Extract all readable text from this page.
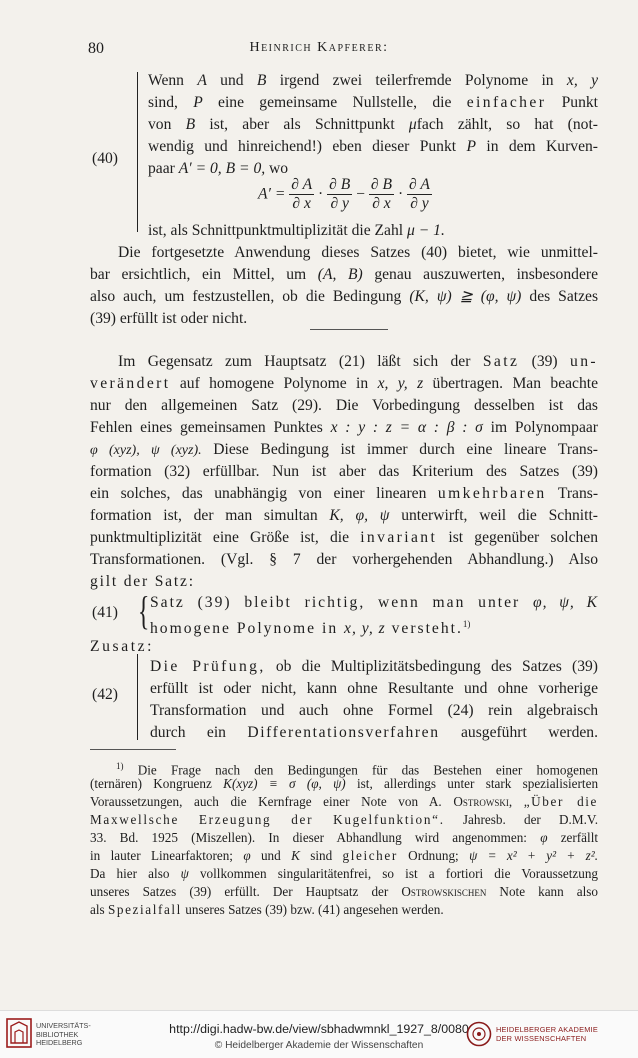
80	Heinrich Kapferer:
(40)
Wenn A und B irgend zwei teilerfremde Polynome in x, y
sind, P eine gemeinsame Nullstelle, die einfacher Punkt
von B ist, aber als Schnittpunkt μfach zählt, so hat (not-
wendig und hinreichend!) eben dieser Punkt P in dem Kurven-
paar A′ = 0, B = 0, wo
$A' = \frac{\partial A}{\partial x} \cdot \frac{\partial B}{\partial y} - \frac{\partial B}{\partial x} \cdot \frac{\partial A}{\partial y}$
ist, als Schnittpunktmultiplizität die Zahl μ − 1.
Die fortgesetzte Anwendung dieses Satzes (40) bietet, wie unmittel-
bar ersichtlich, ein Mittel, um (A, B) genau auszuwerten, insbesondere
also auch, um festzustellen, ob die Bedingung (K, ψ) ≧ (φ, ψ) des Satzes
(39) erfüllt ist oder nicht.
Im Gegensatz zum Hauptsatz (21) läßt sich der Satz (39) un-
verändert auf homogene Polynome in x, y, z übertragen. Man beachte
nur den allgemeinen Satz (29). Die Vorbedingung desselben ist das
Fehlen eines gemeinsamen Punktes x : y : z = α : β : σ im Polynompaar
φ (xyz), ψ (xyz). Diese Bedingung ist immer durch eine lineare Trans-
formation (32) erfüllbar. Nun ist aber das Kriterium des Satzes (39)
ein solches, das unabhängig von einer linearen umkehrbaren Trans-
formation ist, der man simultan K, φ, ψ unterwirft, weil die Schnitt-
punktmultiplizität eine Größe ist, die invariant ist gegenüber solchen
Transformationen. (Vgl. § 7 der vorhergehenden Abhandlung.) Also
gilt der Satz:
(41) { Satz (39) bleibt richtig, wenn man unter φ, ψ, K
homogene Polynome in x, y, z versteht.$^{1)}$
Zusatz:
(42)
Die Prüfung, ob die Multiplizitätsbedingung des Satzes (39)
erfüllt ist oder nicht, kann ohne Resultante und ohne vorherige
Transformation und auch ohne Formel (24) rein algebraisch
durch ein Differentationsverfahren ausgeführt werden.
$^{1)}$ Die Frage nach den Bedingungen für das Bestehen einer homogenen
(ternären) Kongruenz K(xyz) ≡ σ (φ, ψ) ist, allerdings unter stark spezialisierten
Voraussetzungen, auch die Kernfrage einer Note von A. Ostrowski, „Über die
Maxwellsche Erzeugung der Kugelfunktion“. Jahresb. der D.M.V.
33. Bd. 1925 (Miszellen). In dieser Abhandlung wird angenommen: φ zerfällt
in lauter Linearfaktoren; φ und K sind gleicher Ordnung; ψ = x² + y² + z².
Da hier also ψ vollkommen singularitätenfrei, so ist a fortiori die Voraussetzung
unseres Satzes (39) erfüllt. Der Hauptsatz der Ostrowskischen Note kann also
als Spezialfall unseres Satzes (39) bzw. (41) angesehen werden.
UNIVERSITÄTS-
BIBLIOTHEK
HEIDELBERG
http://digi.hadw-bw.de/view/sbhadwmnkl_1927_8/0080
© Heidelberger Akademie der Wissenschaften
HEIDELBERGER AKADEMIE
DER WISSENSCHAFTEN
